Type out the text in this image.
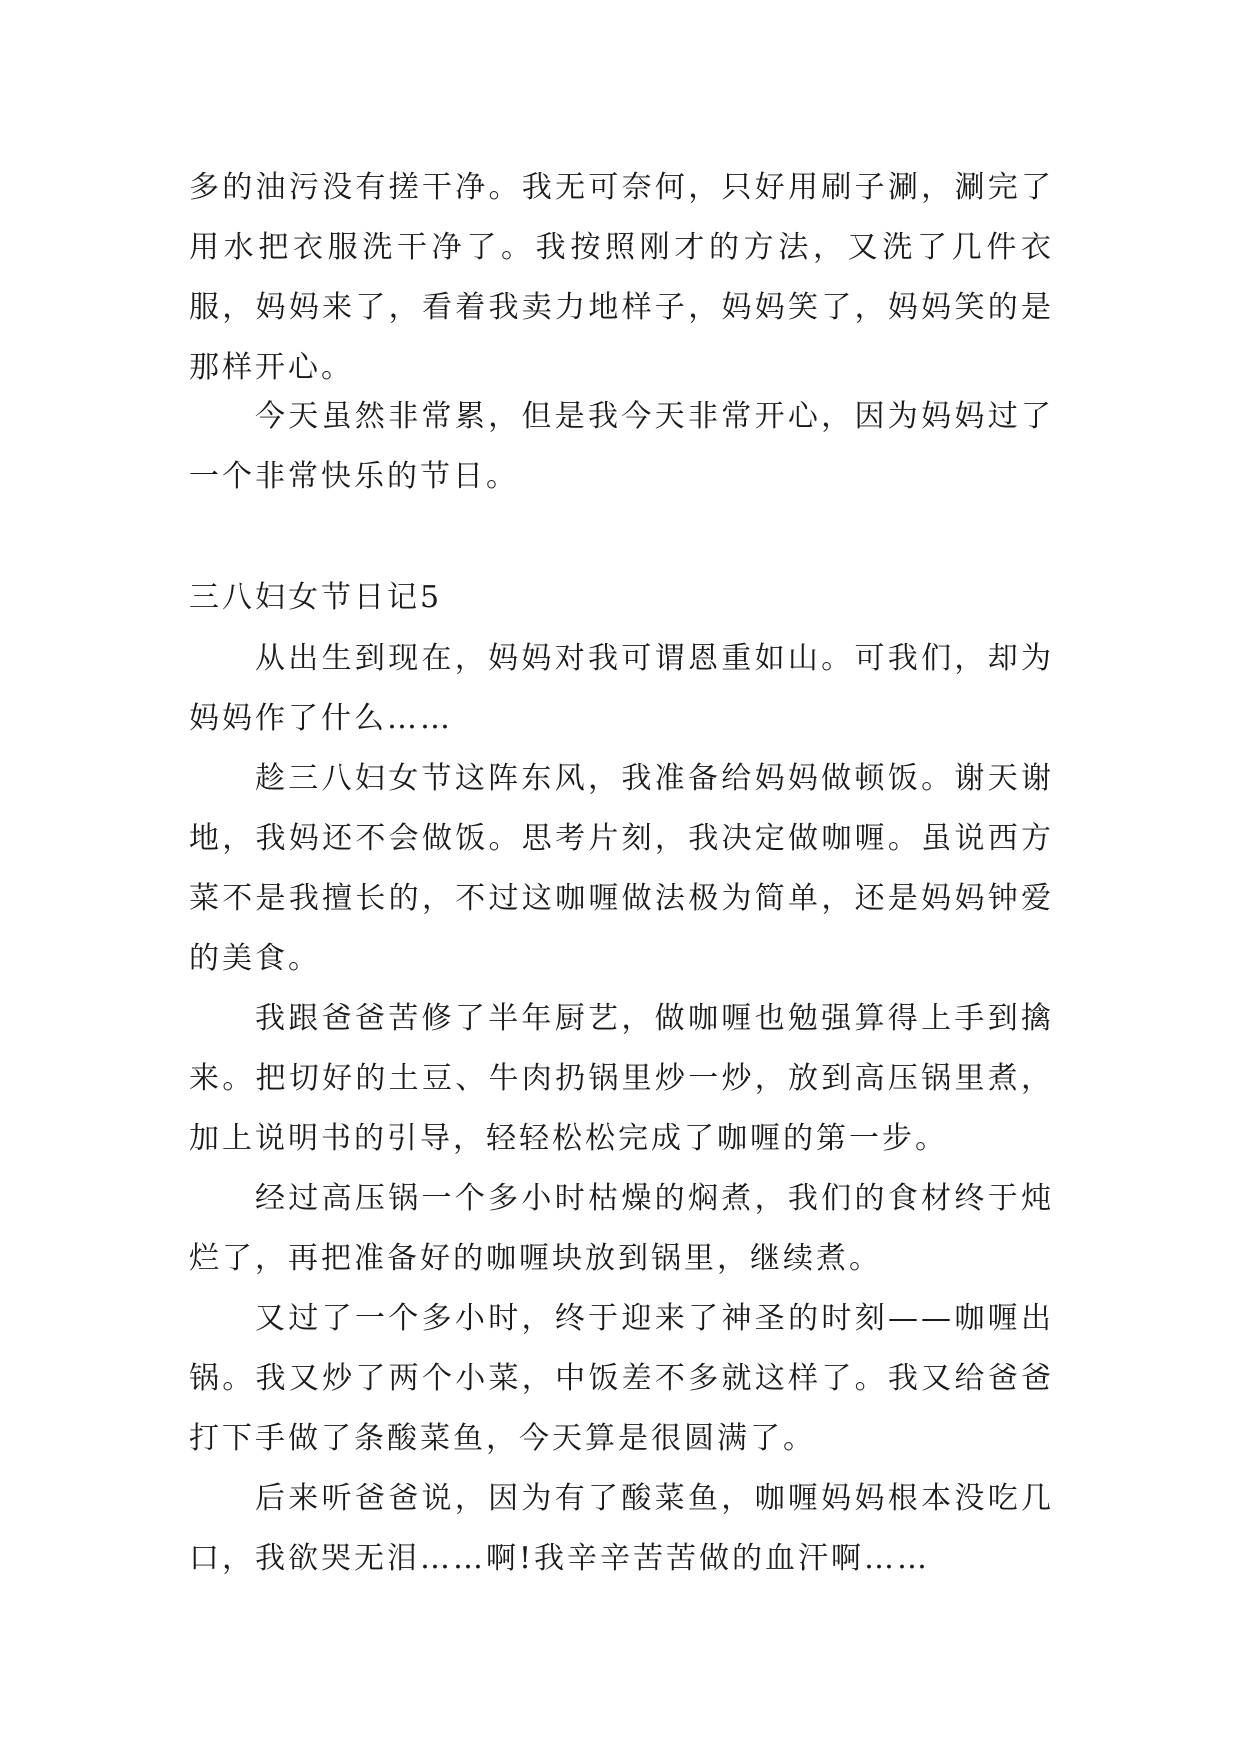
多的油污没有搓干净。我无可奈何，只好用刷子涮，涮完了用水把衣服洗干净了。我按照刚才的方法，又洗了几件衣服，妈妈来了，看着我卖力地样子，妈妈笑了，妈妈笑的是那样开心。

今天虽然非常累，但是我今天非常开心，因为妈妈过了一个非常快乐的节日。

三八妇女节日记5

从出生到现在，妈妈对我可谓恩重如山。可我们，却为妈妈作了什么……

趁三八妇女节这阵东风，我准备给妈妈做顿饭。谢天谢地，我妈还不会做饭。思考片刻，我决定做咖喱。虽说西方菜不是我擅长的，不过这咖喱做法极为简单，还是妈妈钟爱的美食。

我跟爸爸苦修了半年厨艺，做咖喱也勉强算得上手到擒来。把切好的土豆、牛肉扔锅里炒一炒，放到高压锅里煮，加上说明书的引导，轻轻松松完成了咖喱的第一步。

经过高压锅一个多小时枯燥的焖煮，我们的食材终于炖烂了，再把准备好的咖喱块放到锅里，继续煮。

又过了一个多小时，终于迎来了神圣的时刻——咖喱出锅。我又炒了两个小菜，中饭差不多就这样了。我又给爸爸打下手做了条酸菜鱼，今天算是很圆满了。

后来听爸爸说，因为有了酸菜鱼，咖喱妈妈根本没吃几口，我欲哭无泪……啊!我辛辛苦苦做的血汗啊……
